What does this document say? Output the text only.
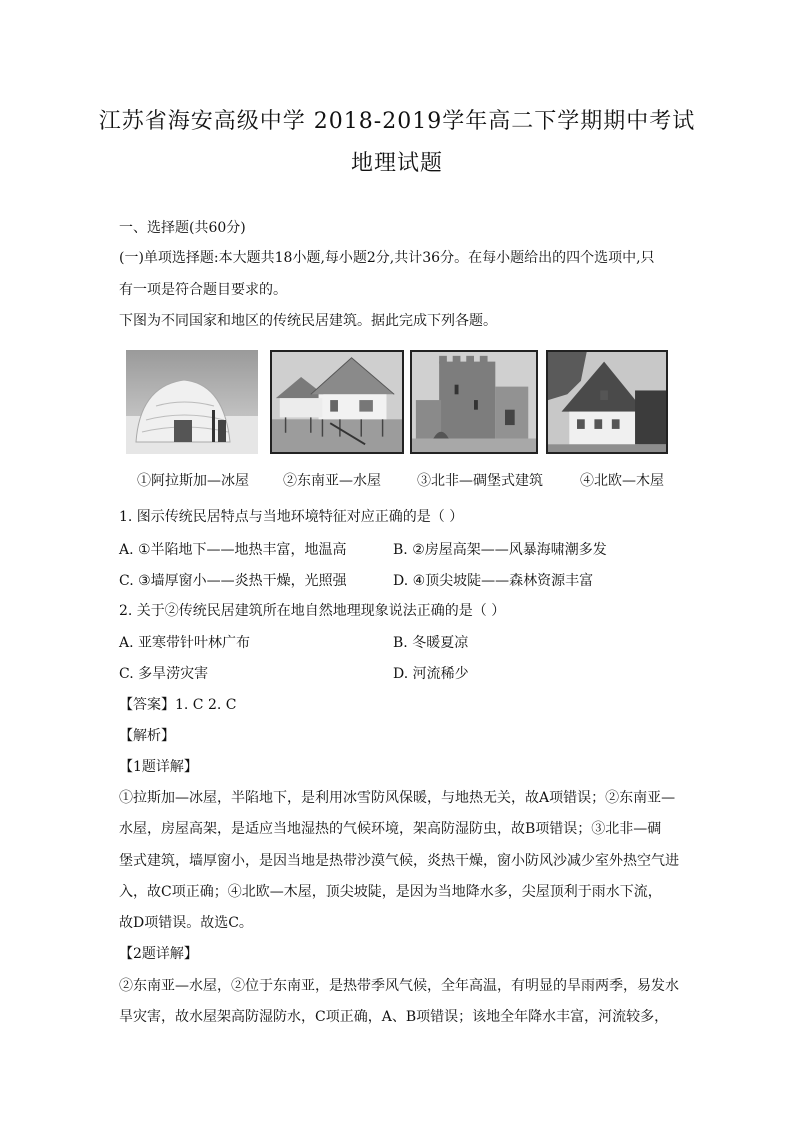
江苏省海安高级中学 2018-2019学年高二下学期期中考试
地理试题
一、选择题(共60分)
(一)单项选择题:本大题共18小题,每小题2分,共计36分。在每小题给出的四个选项中,只
有一项是符合题目要求的。
下图为不同国家和地区的传统民居建筑。据此完成下列各题。
①阿拉斯加—冰屋 ②东南亚—水屋	③北非—碉堡式建筑	④北欧—木屋
1. 图示传统民居特点与当地环境特征对应正确的是（ ）
A. ①半陷地下——地热丰富，地温高	B. ②房屋高架——风暴海啸潮多发
C. ③墙厚窗小——炎热干燥，光照强	D. ④顶尖坡陡——森林资源丰富
2. 关于②传统民居建筑所在地自然地理现象说法正确的是（ ）
A. 亚寒带针叶林广布	B. 冬暖夏凉
C. 多旱涝灾害	D. 河流稀少
【答案】1. C 2. C
【解析】
【1题详解】
①拉斯加—冰屋，半陷地下，是利用冰雪防风保暖，与地热无关，故A项错误；②东南亚—
水屋，房屋高架，是适应当地湿热的气候环境，架高防湿防虫，故B项错误；③北非—碉
堡式建筑，墙厚窗小，是因当地是热带沙漠气候，炎热干燥，窗小防风沙减少室外热空气进
入，故C项正确；④北欧—木屋，顶尖坡陡，是因为当地降水多，尖屋顶利于雨水下流，
故D项错误。故选C。
【2题详解】
②东南亚—水屋，②位于东南亚，是热带季风气候，全年高温，有明显的旱雨两季，易发水
旱灾害，故水屋架高防湿防水，C项正确，A、B项错误；该地全年降水丰富，河流较多，
